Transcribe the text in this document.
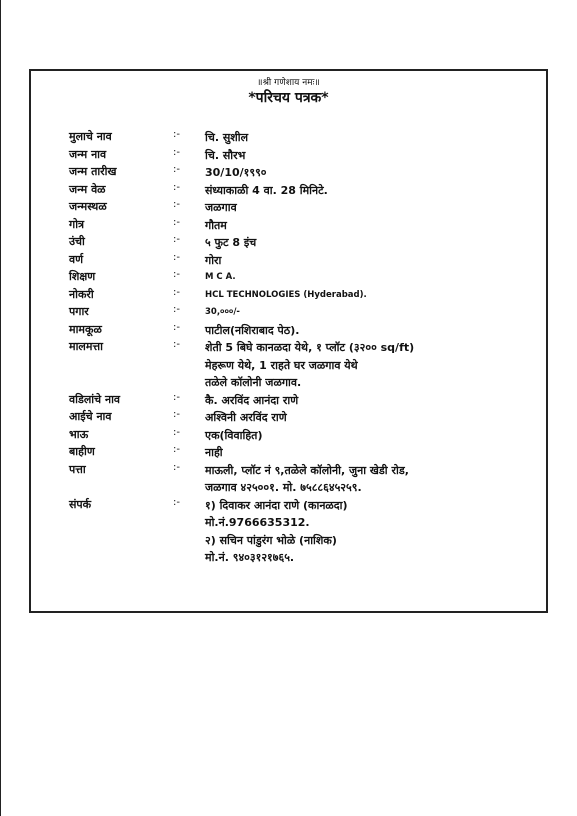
॥श्री गणेशाय नमः॥
*परिचय पत्रक*
मुलाचे नाव	:- चि. सुशील
जन्म नाव	:- चि. सौरभ
जन्म तारीख	:- 30/10/१९९०
जन्म वेळ	:- संध्याकाळी 4 वा. 28 मिनिटे.
जन्मस्थळ	:- जळगाव
गोत्र	:- गौतम
उंची	:- ५ फुट 8 इंच
वर्ण	:- गोरा
शिक्षण	:-	M C A.
नोकरी	:-	HCL TECHNOLOGIES (Hyderabad).
पगार	:-	30,०००/-
मामकूळ	:- पाटील(नशिराबाद पेठ).
मालमत्ता	:- शेती 5 बिघे कानळदा येथे, १ प्लॉट (३२०० sq/ft)
मेहरूण येथे, 1 राहते घर जळगाव येथे
तळेले कॉलोनी जळगाव.
वडिलांचे नाव	:- कै. अरविंद आनंदा राणे
आईचे नाव	:- अश्विनी अरविंद राणे
भाऊ	:- एक(विवाहित)
बाहीण	:- नाही
पत्ता	:- माऊली, प्लॉट नं ९,तळेले कॉलोनी, जुना खेडी रोड,
जळगाव ४२५००१. मो. ७५८८६४५२५९.
संपर्क	:- १) दिवाकर आनंदा राणे (कानळदा)
मो.नं.9766635312.
२) सचिन पांडुरंग भोळे (नाशिक)
मो.नं. ९४०३१२१७६५.
